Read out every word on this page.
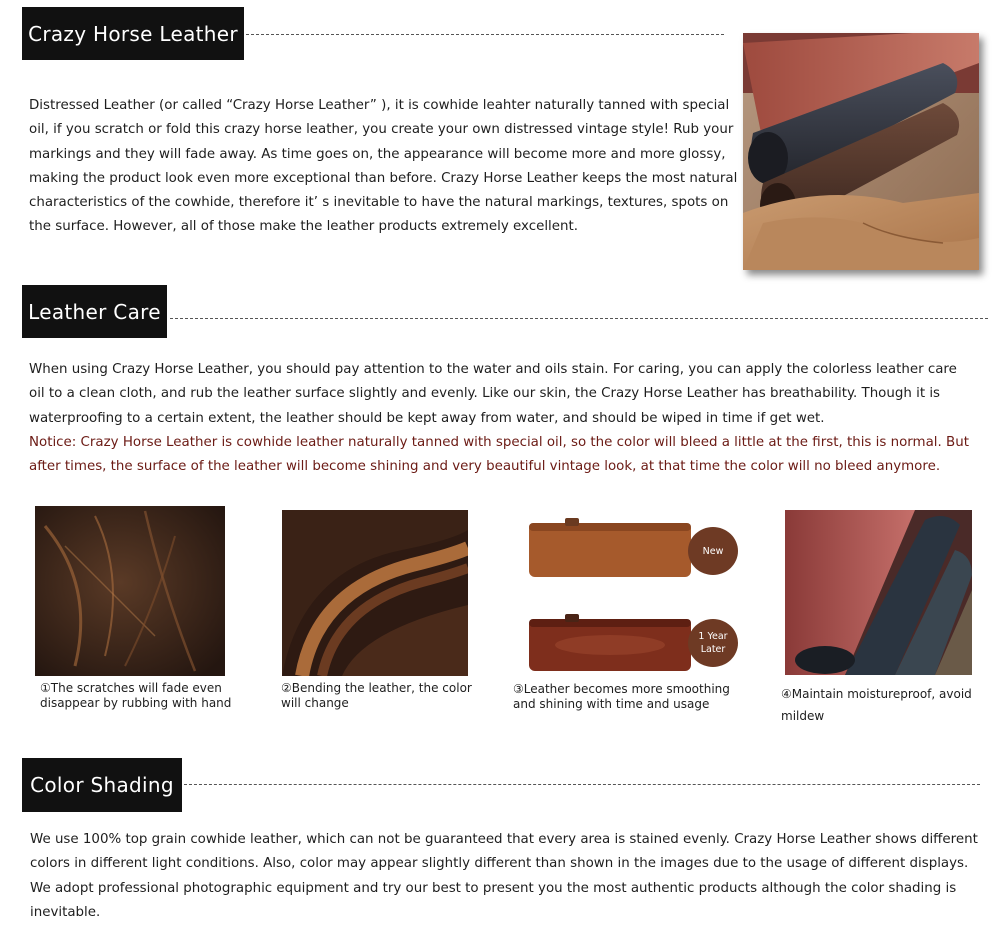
Crazy Horse Leather
Distressed Leather (or called “Crazy Horse Leather” ), it is cowhide leahter naturally tanned with special oil, if you scratch or fold this crazy horse leather, you create your own distressed vintage style! Rub your markings and they will fade away. As time goes on, the appearance will become more and more glossy, making the product look even more exceptional than before. Crazy Horse Leather keeps the most natural characteristics of the cowhide, therefore it’ s inevitable to have the natural markings, textures, spots on the surface. However, all of those make the leather products extremely excellent.
Leather Care
When using Crazy Horse Leather, you should pay attention to the water and oils stain. For caring, you can apply the colorless leather care oil to a clean cloth, and rub the leather surface slightly and evenly. Like our skin, the Crazy Horse Leather has breathability. Though it is waterproofing to a certain extent, the leather should be kept away from water, and should be wiped in time if get wet.
Notice: Crazy Horse Leather is cowhide leather naturally tanned with special oil, so the color will bleed a little at the first, this is normal. But after times, the surface of the leather will become shining and very beautiful vintage look, at that time the color will no bleed anymore.
①The scratches will fade even disappear by rubbing with hand
②Bending the leather, the color will change
New
1 Year
Later
③Leather becomes more smoothing and shining with time and usage
④Maintain moistureproof, avoid mildew
Color Shading
We use 100% top grain cowhide leather, which can not be guaranteed that every area is stained evenly. Crazy Horse Leather shows different colors in different light conditions. Also, color may appear slightly different than shown in the images due to the usage of different displays. We adopt professional photographic equipment and try our best to present you the most authentic products although the color shading is inevitable.
